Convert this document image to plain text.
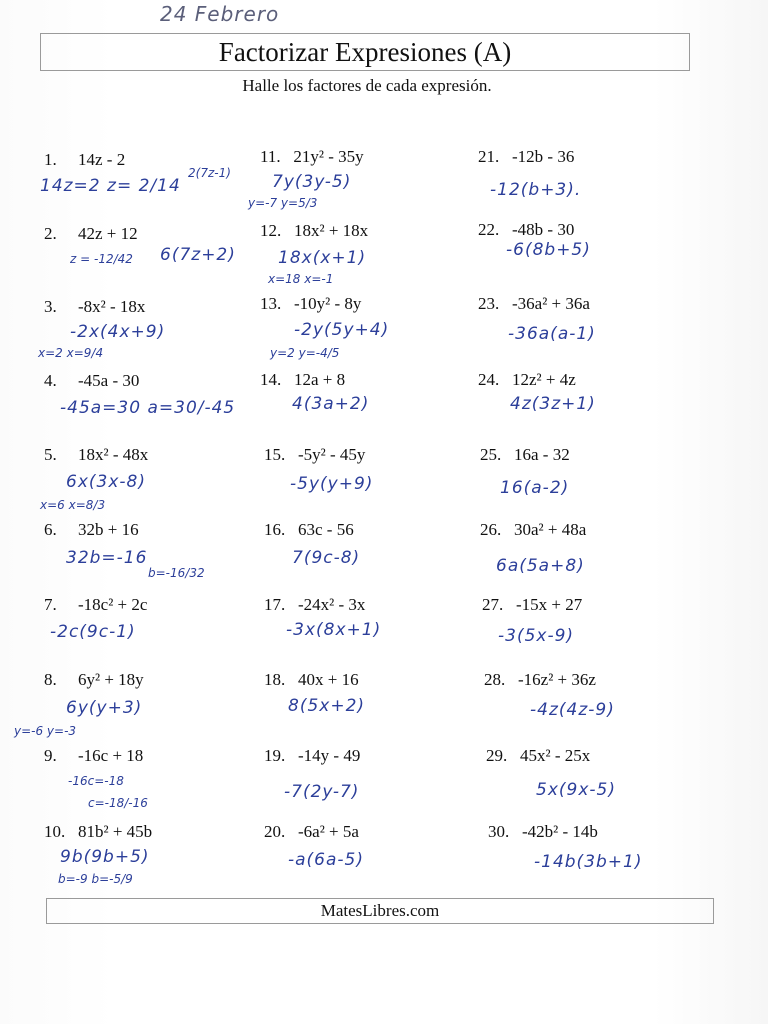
24 Febrero
Factorizar Expresiones (A)
Halle los factores de cada expresión.
1. 14z - 2
2. 42z + 12
3. -8x² - 18x
4. -45a - 30
5. 18x² - 48x
6. 32b + 16
7. -18c² + 2c
8. 6y² + 18y
9. -16c + 18
10. 81b² + 45b
11. 21y² - 35y
12. 18x² + 18x
13. -10y² - 8y
14. 12a + 8
15. -5y² - 45y
16. 63c - 56
17. -24x² - 3x
18. 40x + 16
19. -14y - 49
20. -6a² + 5a
21. -12b - 36
22. -48b - 30
23. -36a² + 36a
24. 12z² + 4z
25. 16a - 32
26. 30a² + 48a
27. -15x + 27
28. -16z² + 36z
29. 45x² - 25x
30. -42b² - 14b
14z=2 z= 2/14
2(7z-1)
z = -12/42 6(7z+2)
-2x(4x+9)
x=2 x=9/4
-45a=30 a=30/-45
6x(3x-8)
x=6 x=8/3
32b=-16
b=-16/32
-2c(9c-1)
6y(y+3)
y=-6 y=-3
-16c=-18
c=-18/-16
9b(9b+5)
b=-9 b=-5/9
7y(3y-5)
y=-7 y=5/3
18x(x+1)
x=18 x=-1
-2y(5y+4)
y=2 y=-4/5
4(3a+2)
-5y(y+9)
7(9c-8)
-3x(8x+1)
8(5x+2)
-7(2y-7)
-a(6a-5)
-12(b+3).
-6(8b+5)
-36a(a-1)
4z(3z+1)
16(a-2)
6a(5a+8)
-3(5x-9)
-4z(4z-9)
5x(9x-5)
-14b(3b+1)
MatesLibres.com
